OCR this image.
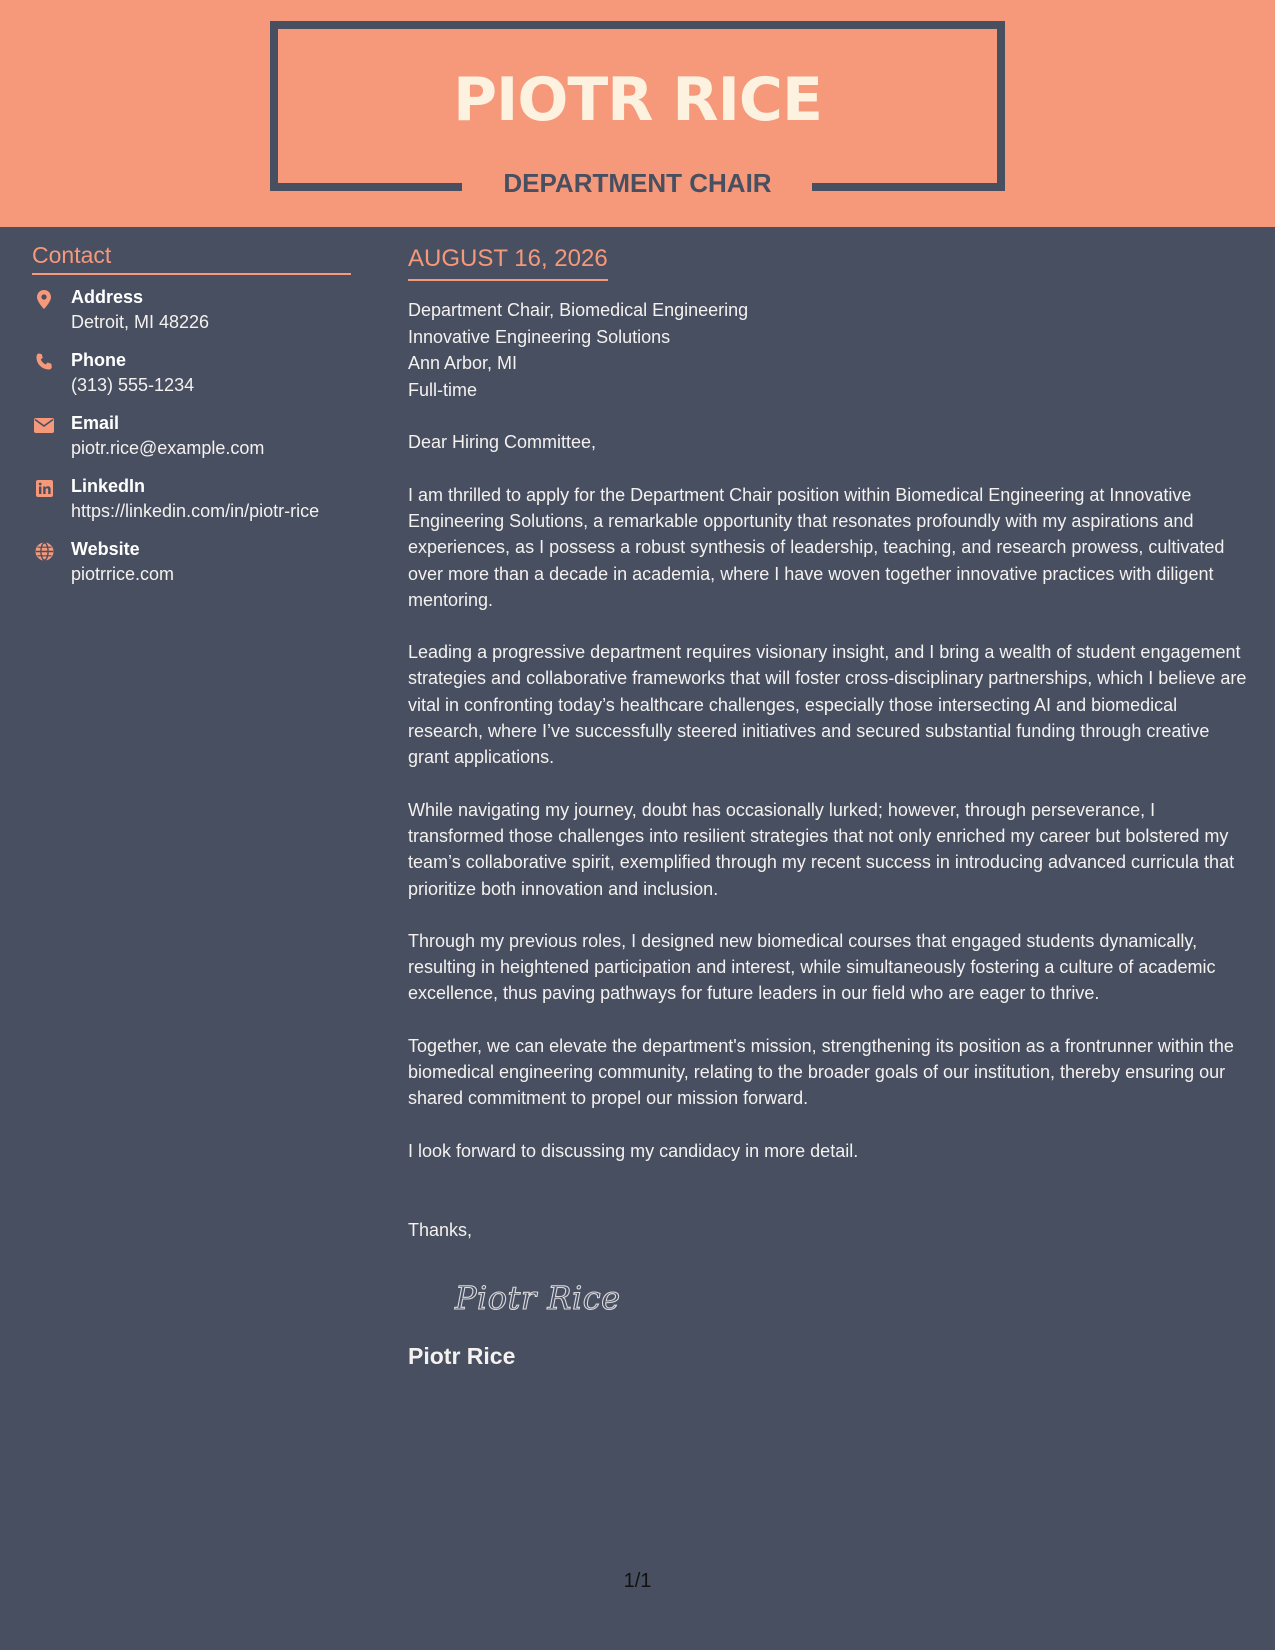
PIOTR RICE
DEPARTMENT CHAIR
Contact
Address
Detroit, MI 48226
Phone
(313) 555-1234
Email
piotr.rice@example.com
LinkedIn
https://linkedin.com/in/piotr-rice
Website
piotrrice.com
AUGUST 16, 2026
Department Chair, Biomedical Engineering
Innovative Engineering Solutions
Ann Arbor, MI
Full-time
Dear Hiring Committee,
I am thrilled to apply for the Department Chair position within Biomedical Engineering at Innovative Engineering Solutions, a remarkable opportunity that resonates profoundly with my aspirations and experiences, as I possess a robust synthesis of leadership, teaching, and research prowess, cultivated over more than a decade in academia, where I have woven together innovative practices with diligent mentoring.
Leading a progressive department requires visionary insight, and I bring a wealth of student engagement strategies and collaborative frameworks that will foster cross-disciplinary partnerships, which I believe are vital in confronting today’s healthcare challenges, especially those intersecting AI and biomedical research, where I’ve successfully steered initiatives and secured substantial funding through creative grant applications.
While navigating my journey, doubt has occasionally lurked; however, through perseverance, I transformed those challenges into resilient strategies that not only enriched my career but bolstered my team’s collaborative spirit, exemplified through my recent success in introducing advanced curricula that prioritize both innovation and inclusion.
Through my previous roles, I designed new biomedical courses that engaged students dynamically, resulting in heightened participation and interest, while simultaneously fostering a culture of academic excellence, thus paving pathways for future leaders in our field who are eager to thrive.
Together, we can elevate the department's mission, strengthening its position as a frontrunner within the biomedical engineering community, relating to the broader goals of our institution, thereby ensuring our shared commitment to propel our mission forward.
I look forward to discussing my candidacy in more detail.
Thanks,
Piotr Rice
Piotr Rice
1/1
